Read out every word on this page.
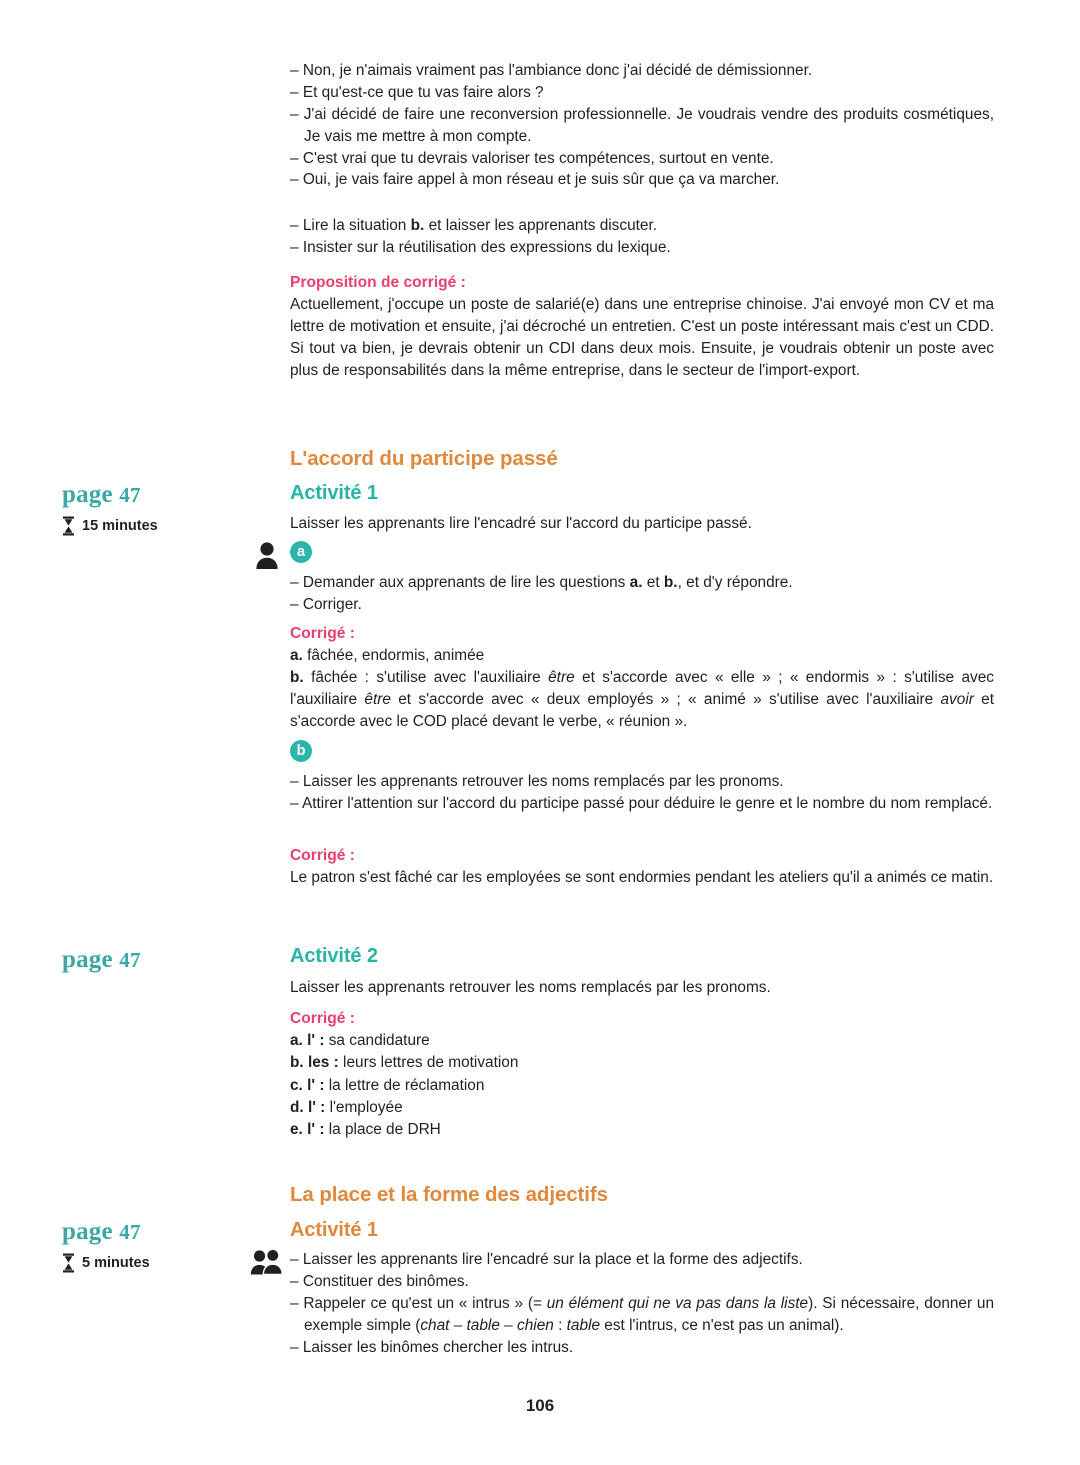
– Non, je n'aimais vraiment pas l'ambiance donc j'ai décidé de démissionner.
– Et qu'est-ce que tu vas faire alors ?
– J'ai décidé de faire une reconversion professionnelle. Je voudrais vendre des produits cosmétiques, Je vais me mettre à mon compte.
– C'est vrai que tu devrais valoriser tes compétences, surtout en vente.
– Oui, je vais faire appel à mon réseau et je suis sûr que ça va marcher.
– Lire la situation b. et laisser les apprenants discuter.
– Insister sur la réutilisation des expressions du lexique.

Proposition de corrigé :

Actuellement, j'occupe un poste de salarié(e) dans une entreprise chinoise. J'ai envoyé mon CV et ma lettre de motivation et ensuite, j'ai décroché un entretien. C'est un poste intéressant mais c'est un CDD. Si tout va bien, je devrais obtenir un CDI dans deux mois. Ensuite, je voudrais obtenir un poste avec plus de responsabilités dans la même entreprise, dans le secteur de l'import-export.

page 47
15 minutes
L'accord du participe passé
Activité 1

Laisser les apprenants lire l'encadré sur l'accord du participe passé.

a
– Demander aux apprenants de lire les questions a. et b., et d'y répondre.
– Corriger.

Corrigé :

a. fâchée, endormis, animée

b. fâchée : s'utilise avec l'auxiliaire être et s'accorde avec « elle » ; « endormis » : s'utilise avec l'auxiliaire être et s'accorde avec « deux employés » ; « animé » s'utilise avec l'auxiliaire avoir et s'accorde avec le COD placé devant le verbe, « réunion ».

b
– Laisser les apprenants retrouver les noms remplacés par les pronoms.
– Attirer l'attention sur l'accord du participe passé pour déduire le genre et le nombre du nom remplacé.

Corrigé :

Le patron s'est fâché car les employées se sont endormies pendant les ateliers qu'il a animés ce matin.

page 47	Activité 2

Laisser les apprenants retrouver les noms remplacés par les pronoms.

Corrigé :

a. l' : sa candidature
b. les : leurs lettres de motivation
c. l' : la lettre de réclamation
d. l' : l'employée
e. l' : la place de DRH
La place et la forme des adjectifs
page 47
5 minutes
Activité 1
– Laisser les apprenants lire l'encadré sur la place et la forme des adjectifs.
– Constituer des binômes.
– Rappeler ce qu'est un « intrus » (= un élément qui ne va pas dans la liste). Si nécessaire, donner un exemple simple (chat – table – chien : table est l'intrus, ce n'est pas un animal).
– Laisser les binômes chercher les intrus.
106
